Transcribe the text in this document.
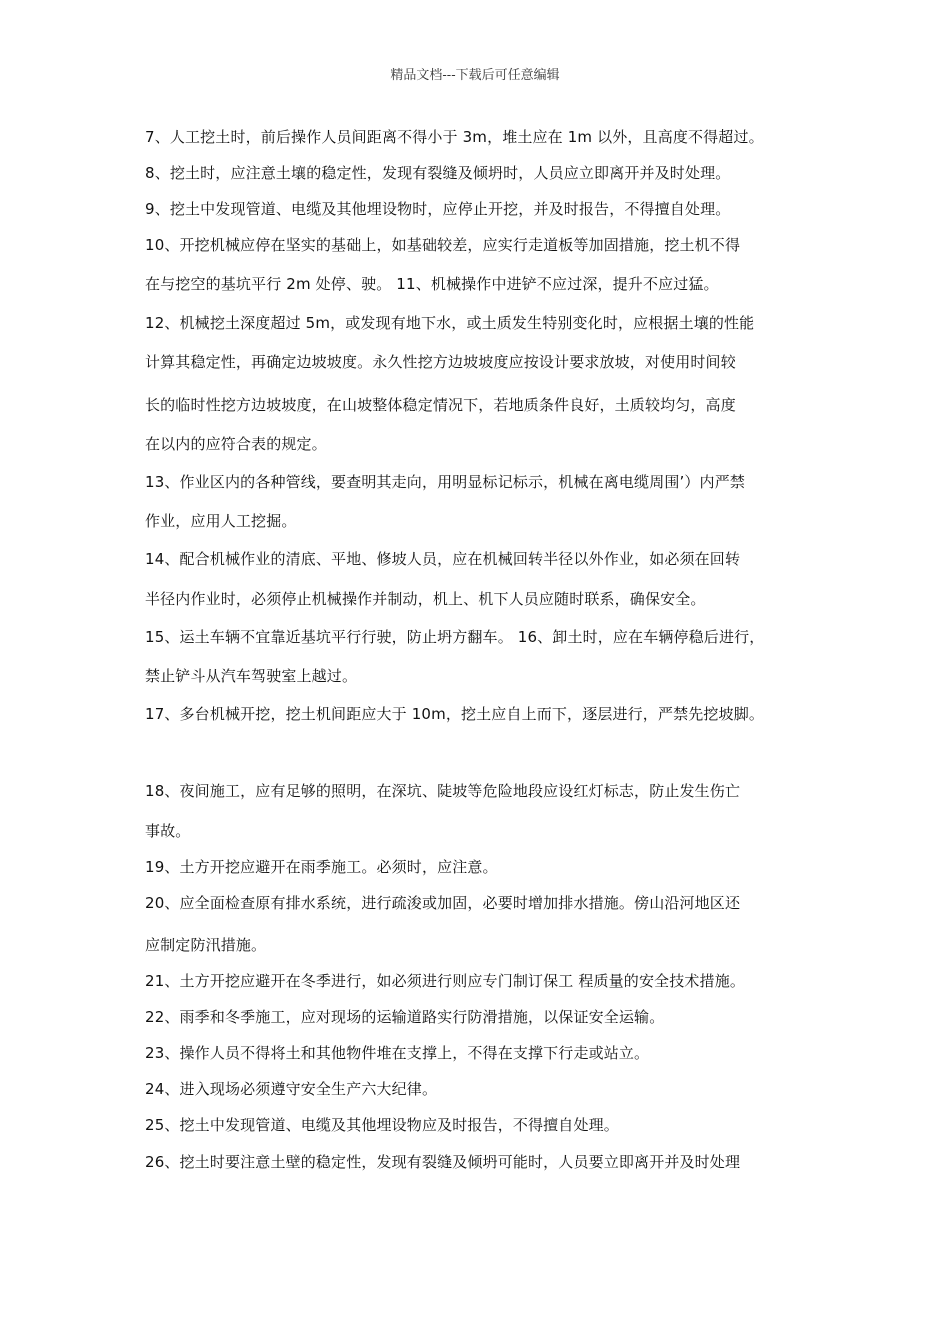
精品文档---下载后可任意编辑
7、人工挖土时，前后操作人员间距离不得小于 3m，堆土应在 1m 以外，且高度不得超过。
8、挖土时，应注意土壤的稳定性，发现有裂缝及倾坍时，人员应立即离开并及时处理。
9、挖土中发现管道、电缆及其他埋设物时，应停止开挖，并及时报告，不得擅自处理。
10、开挖机械应停在坚实的基础上，如基础较差，应实行走道板等加固措施，挖土机不得
在与挖空的基坑平行 2m 处停、驶。 11、机械操作中进铲不应过深，提升不应过猛。
12、机械挖土深度超过 5m，或发现有地下水，或土质发生特别变化时，应根据土壤的性能
计算其稳定性，再确定边坡坡度。永久性挖方边坡坡度应按设计要求放坡，对使用时间较
长的临时性挖方边坡坡度，在山坡整体稳定情况下，若地质条件良好，土质较均匀，高度
在以内的应符合表的规定。
13、作业区内的各种管线，要查明其走向，用明显标记标示，机械在离电缆周围’）内严禁
作业，应用人工挖掘。
14、配合机械作业的清底、平地、修坡人员，应在机械回转半径以外作业，如必须在回转
半径内作业时，必须停止机械操作并制动，机上、机下人员应随时联系，确保安全。
15、运土车辆不宜靠近基坑平行行驶，防止坍方翻车。 16、卸土时，应在车辆停稳后进行，
禁止铲斗从汽车驾驶室上越过。
17、多台机械开挖，挖土机间距应大于 10m，挖土应自上而下，逐层进行，严禁先挖坡脚。
18、夜间施工，应有足够的照明，在深坑、陡坡等危险地段应设红灯标志，防止发生伤亡
事故。
19、土方开挖应避开在雨季施工。必须时，应注意。
20、应全面检查原有排水系统，进行疏浚或加固，必要时增加排水措施。傍山沿河地区还
应制定防汛措施。
21、土方开挖应避开在冬季进行，如必须进行则应专门制订保工 程质量的安全技术措施。
22、雨季和冬季施工，应对现场的运输道路实行防滑措施，以保证安全运输。
23、操作人员不得将土和其他物件堆在支撑上，不得在支撑下行走或站立。
24、进入现场必须遵守安全生产六大纪律。
25、挖土中发现管道、电缆及其他埋设物应及时报告，不得擅自处理。
26、挖土时要注意土壁的稳定性，发现有裂缝及倾坍可能时，人员要立即离开并及时处理
